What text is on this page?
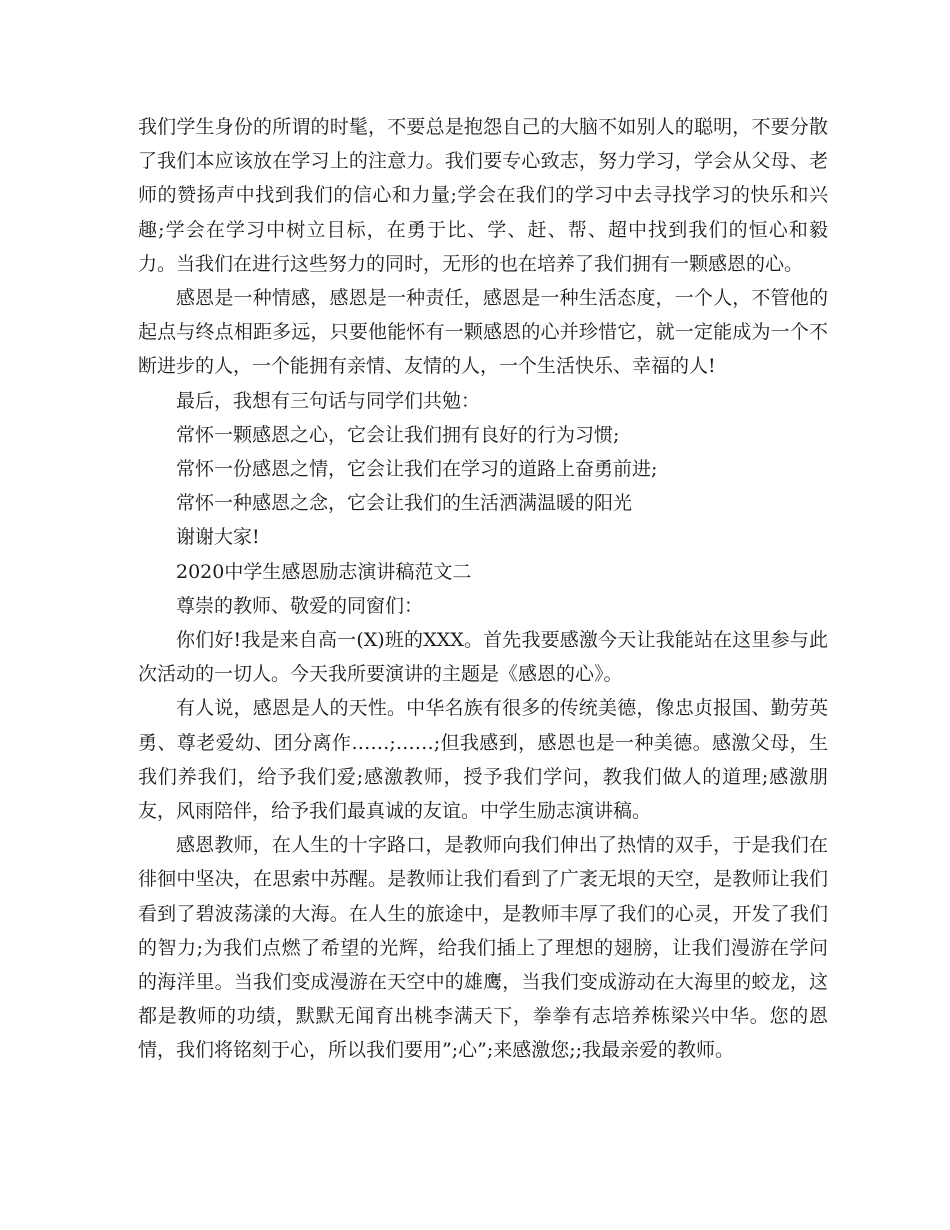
我们学生身份的所谓的时髦，不要总是抱怨自己的大脑不如别人的聪明，不要分散了我们本应该放在学习上的注意力。我们要专心致志，努力学习，学会从父母、老师的赞扬声中找到我们的信心和力量;学会在我们的学习中去寻找学习的快乐和兴趣;学会在学习中树立目标，在勇于比、学、赶、帮、超中找到我们的恒心和毅力。当我们在进行这些努力的同时，无形的也在培养了我们拥有一颗感恩的心。

感恩是一种情感，感恩是一种责任，感恩是一种生活态度，一个人，不管他的起点与终点相距多远，只要他能怀有一颗感恩的心并珍惜它，就一定能成为一个不断进步的人，一个能拥有亲情、友情的人，一个生活快乐、幸福的人!

最后，我想有三句话与同学们共勉：

常怀一颗感恩之心，它会让我们拥有良好的行为习惯;

常怀一份感恩之情，它会让我们在学习的道路上奋勇前进;

常怀一种感恩之念，它会让我们的生活洒满温暖的阳光

谢谢大家!

2020中学生感恩励志演讲稿范文二

尊崇的教师、敬爱的同窗们：

你们好!我是来自高一(X)班的XXX。首先我要感激今天让我能站在这里参与此次活动的一切人。今天我所要演讲的主题是《感恩的心》。

有人说，感恩是人的天性。中华名族有很多的传统美德，像忠贞报国、勤劳英勇、尊老爱幼、团分离作……;……;但我感到，感恩也是一种美德。感激父母，生我们养我们，给予我们爱;感激教师，授予我们学问，教我们做人的道理;感激朋友，风雨陪伴，给予我们最真诚的友谊。中学生励志演讲稿。

感恩教师，在人生的十字路口，是教师向我们伸出了热情的双手，于是我们在徘徊中坚决，在思索中苏醒。是教师让我们看到了广袤无垠的天空，是教师让我们看到了碧波荡漾的大海。在人生的旅途中，是教师丰厚了我们的心灵，开发了我们的智力;为我们点燃了希望的光辉，给我们插上了理想的翅膀，让我们漫游在学问的海洋里。当我们变成漫游在天空中的雄鹰，当我们变成游动在大海里的蛟龙，这都是教师的功绩，默默无闻育出桃李满天下，拳拳有志培养栋梁兴中华。您的恩情，我们将铭刻于心，所以我们要用”;心”;来感激您;;我最亲爱的教师。
